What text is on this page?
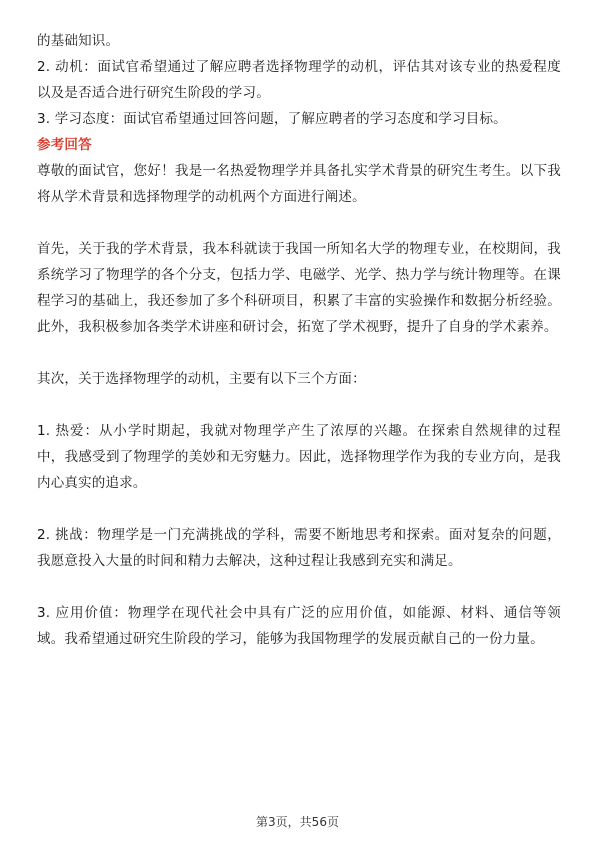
的基础知识。

2. 动机：面试官希望通过了解应聘者选择物理学的动机，评估其对该专业的热爱程度以及是否适合进行研究生阶段的学习。

3. 学习态度：面试官希望通过回答问题，了解应聘者的学习态度和学习目标。

参考回答

尊敬的面试官，您好！我是一名热爱物理学并具备扎实学术背景的研究生考生。以下我将从学术背景和选择物理学的动机两个方面进行阐述。

首先，关于我的学术背景，我本科就读于我国一所知名大学的物理专业，在校期间，我系统学习了物理学的各个分支，包括力学、电磁学、光学、热力学与统计物理等。在课程学习的基础上，我还参加了多个科研项目，积累了丰富的实验操作和数据分析经验。此外，我积极参加各类学术讲座和研讨会，拓宽了学术视野，提升了自身的学术素养。

其次，关于选择物理学的动机，主要有以下三个方面：

1. 热爱：从小学时期起，我就对物理学产生了浓厚的兴趣。在探索自然规律的过程中，我感受到了物理学的美妙和无穷魅力。因此，选择物理学作为我的专业方向，是我内心真实的追求。

2. 挑战：物理学是一门充满挑战的学科，需要不断地思考和探索。面对复杂的问题，我愿意投入大量的时间和精力去解决，这种过程让我感到充实和满足。

3. 应用价值：物理学在现代社会中具有广泛的应用价值，如能源、材料、通信等领域。我希望通过研究生阶段的学习，能够为我国物理学的发展贡献自己的一份力量。

第3页，共56页
